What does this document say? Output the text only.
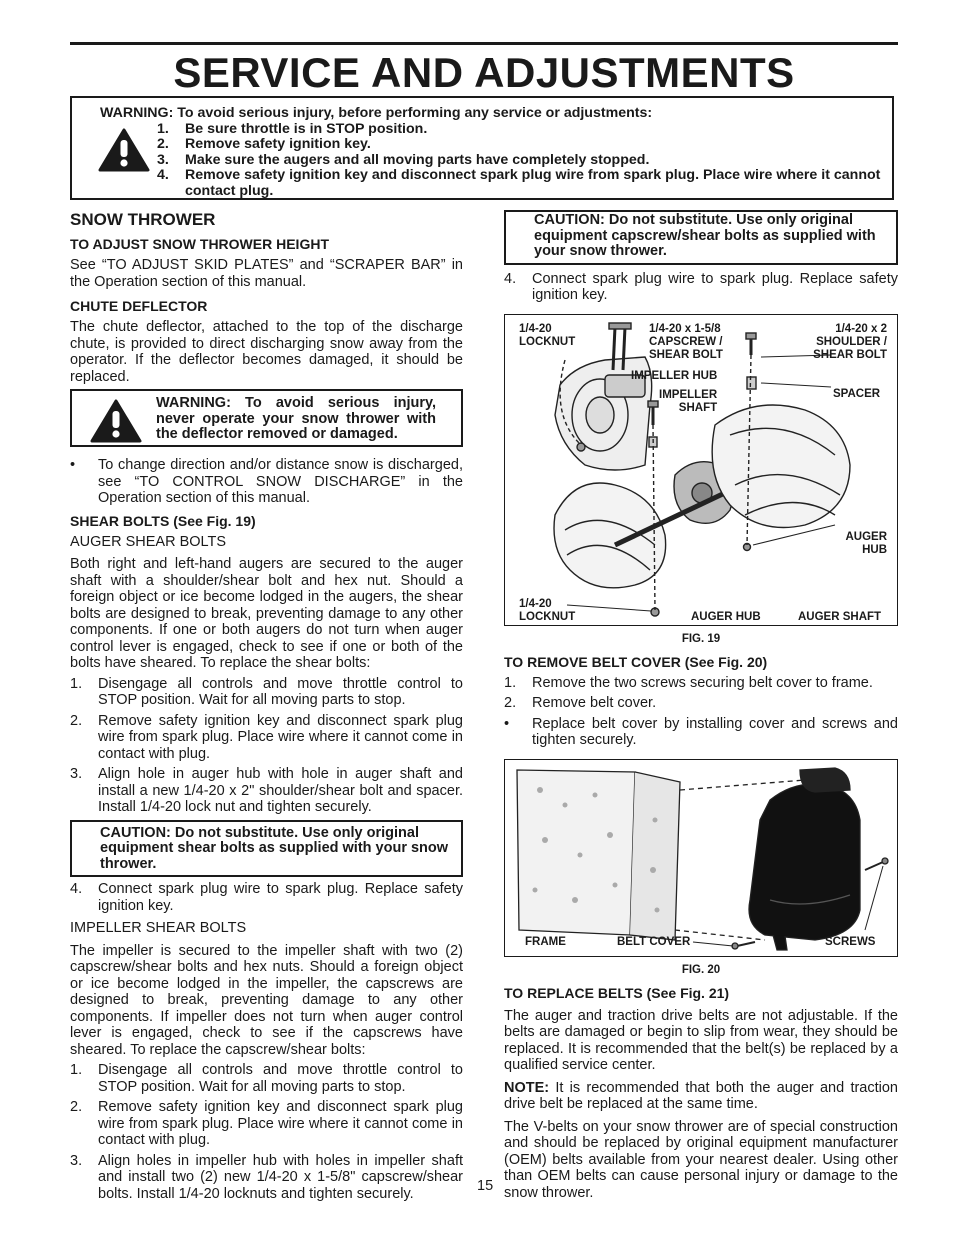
SERVICE AND ADJUSTMENTS
WARNING: To avoid serious injury, before performing any service or adjustments:
1.	Be sure throttle is in STOP position.
2.	Remove safety ignition key.
3.	Make sure the augers and all moving parts have completely stopped.
4.	Remove safety ignition key and disconnect spark plug wire from spark plug. Place wire where it cannot contact plug.
SNOW THROWER
TO ADJUST SNOW THROWER HEIGHT

See “TO ADJUST SKID PLATES” and “SCRAPER BAR” in the Operation section of this manual.

CHUTE DEFLECTOR

The chute deflector, attached to the top of the discharge chute, is provided to direct discharging snow away from the operator. If the deflector becomes damaged, it should be replaced.

WARNING: To avoid serious injury, never operate your snow thrower with the deflector removed or damaged.
•	To change direction and/or distance snow is discharged, see “TO CONTROL SNOW DISCHARGE” in the Operation section of this manual.
SHEAR BOLTS (See Fig. 19)

AUGER SHEAR BOLTS

Both right and left-hand augers are secured to the auger shaft with a shoulder/shear bolt and hex nut. Should a foreign object or ice become lodged in the augers, the shear bolts are designed to break, preventing damage to any other components. If one or both augers do not turn when auger control lever is engaged, check to see if one or both of the bolts have sheared. To replace the shear bolts:

1.	Disengage all controls and move throttle control to STOP position. Wait for all moving parts to stop.
2.	Remove safety ignition key and disconnect spark plug wire from spark plug. Place wire where it cannot come in contact with plug.
3.	Align hole in auger hub with hole in auger shaft and install a new 1/4-20 x 2" shoulder/shear bolt and spacer. Install 1/4-20 lock nut and tighten securely.
CAUTION: Do not substitute. Use only original equipment shear bolts as supplied with your snow thrower.
4.	Connect spark plug wire to spark plug. Replace safety ignition key.

IMPELLER SHEAR BOLTS

The impeller is secured to the impeller shaft with two (2) capscrew/shear bolts and hex nuts. Should a foreign object or ice become lodged in the impeller, the capscrews are designed to break, preventing damage to any other components. If impeller does not turn when auger control lever is engaged, check to see if the capscrews have sheared. To replace the capscrew/shear bolts:

1.	Disengage all controls and move throttle control to STOP position. Wait for all moving parts to stop.
2.	Remove safety ignition key and disconnect spark plug wire from spark plug. Place wire where it cannot come in contact with plug.
3.	Align holes in impeller hub with holes in impeller shaft and install two (2) new 1/4-20 x 1-5/8" capscrew/shear bolts. Install 1/4-20 locknuts and tighten securely.
CAUTION: Do not substitute. Use only original equipment capscrew/shear bolts as supplied with your snow thrower.
4.	Connect spark plug wire to spark plug. Replace safety ignition key.
1/4-20
LOCKNUT
1/4-20 x 1-5/8
CAPSCREW /
SHEAR BOLT
1/4-20 x 2
SHOULDER /
SHEAR BOLT
IMPELLER HUB
IMPELLER
SHAFT
SPACER
AUGER
HUB
1/4-20
LOCKNUT	AUGER HUB	AUGER SHAFT
FIG. 19
TO REMOVE BELT COVER (See Fig. 20)
1.	Remove the two screws securing belt cover to frame.
2.	Remove belt cover.
•	Replace belt cover by installing cover and screws and tighten securely.
FRAME	BELT COVER	SCREWS
FIG. 20
TO REPLACE BELTS (See Fig. 21)

The auger and traction drive belts are not adjustable. If the belts are damaged or begin to slip from wear, they should be replaced. It is recommended that the belt(s) be replaced by a qualified service center.

NOTE: It is recommended that both the auger and traction drive belt be replaced at the same time.

The V-belts on your snow thrower are of special construction and should be replaced by original equipment manufacturer (OEM) belts available from your nearest dealer. Using other than OEM belts can cause personal injury or damage to the snow thrower.

15
